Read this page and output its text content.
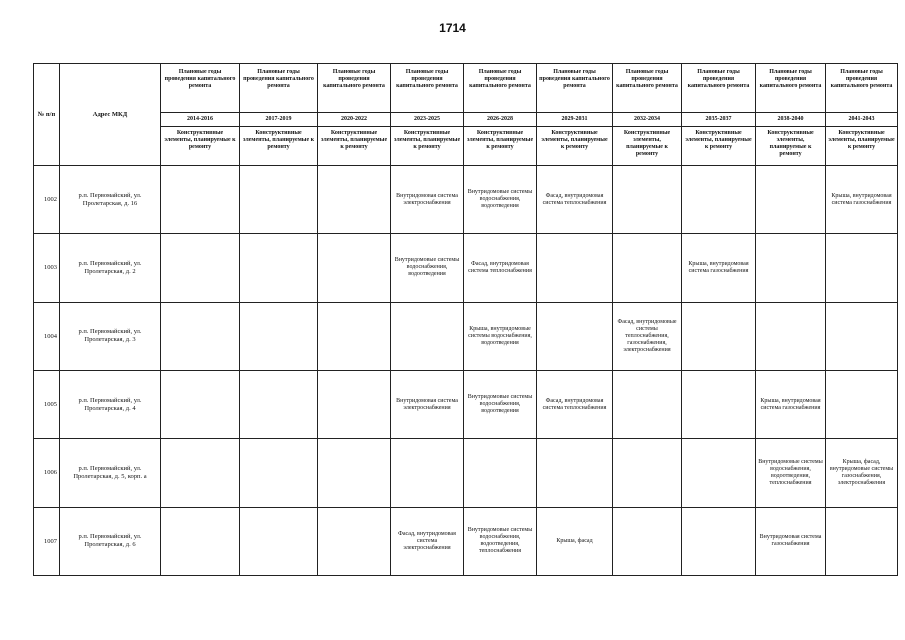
1714
№ п/п	Адрес МКД	Плановые годы проведения капитального ремонта	Плановые годы проведения капитального ремонта	Плановые годы проведения капитального ремонта	Плановые годы проведения капитального ремонта	Плановые годы проведения капитального ремонта	Плановые годы проведения капитального ремонта	Плановые годы проведения капитального ремонта	Плановые годы проведения капитального ремонта	Плановые годы проведения капитального ремонта	Плановые годы проведения капитального ремонта
		2014-2016	2017-2019	2020-2022	2023-2025	2026-2028	2029-2031	2032-2034	2035-2037	2038-2040	2041-2043
		Конструктивные элементы, планируемые к ремонту	Конструктивные элементы, планируемые к ремонту	Конструктивные элементы, планируемые к ремонту	Конструктивные элементы, планируемые к ремонту	Конструктивные элементы, планируемые к ремонту	Конструктивные элементы, планируемые к ремонту	Конструктивные элементы, планируемые к ремонту	Конструктивные элементы, планируемые к ремонту	Конструктивные элементы, планируемые к ремонту	Конструктивные элементы, планируемые к ремонту
1002	р.п. Первомайский, ул. Пролетарская, д. 16				Внутридомовая система электроснабжения	Внутридомовые системы водоснабжения, водоотведения	Фасад, внутридомовая система теплоснабжения				Крыша, внутридомовая система газоснабжения
1003	р.п. Первомайский, ул. Пролетарская, д. 2				Внутридомовые системы водоснабжения, водоотведения	Фасад, внутридомовая система теплоснабжения			Крыша, внутридомовая система газоснабжения		
1004	р.п. Первомайский, ул. Пролетарская, д. 3					Крыша, внутридомовые системы водоснабжения, водоотведения		Фасад, внутридомовые системы теплоснабжения, газоснабжения, электроснабжения			
1005	р.п. Первомайский, ул. Пролетарская, д. 4				Внутридомовая система электроснабжения	Внутридомовые системы водоснабжения, водоотведения	Фасад, внутридомовая система теплоснабжения			Крыша, внутридомовая система газоснабжения	
1006	р.п. Первомайский, ул. Пролетарская, д. 5, корп. а									Внутридомовые системы водоснабжения, водоотведения, теплоснабжения	Крыша, фасад, внутридомовые системы газоснабжения, электроснабжения
1007	р.п. Первомайский, ул. Пролетарская, д. 6				Фасад, внутридомовая система электроснабжения	Внутридомовые системы водоснабжения, водоотведения, теплоснабжения	Крыша, фасад			Внутридомовая система газоснабжения	
